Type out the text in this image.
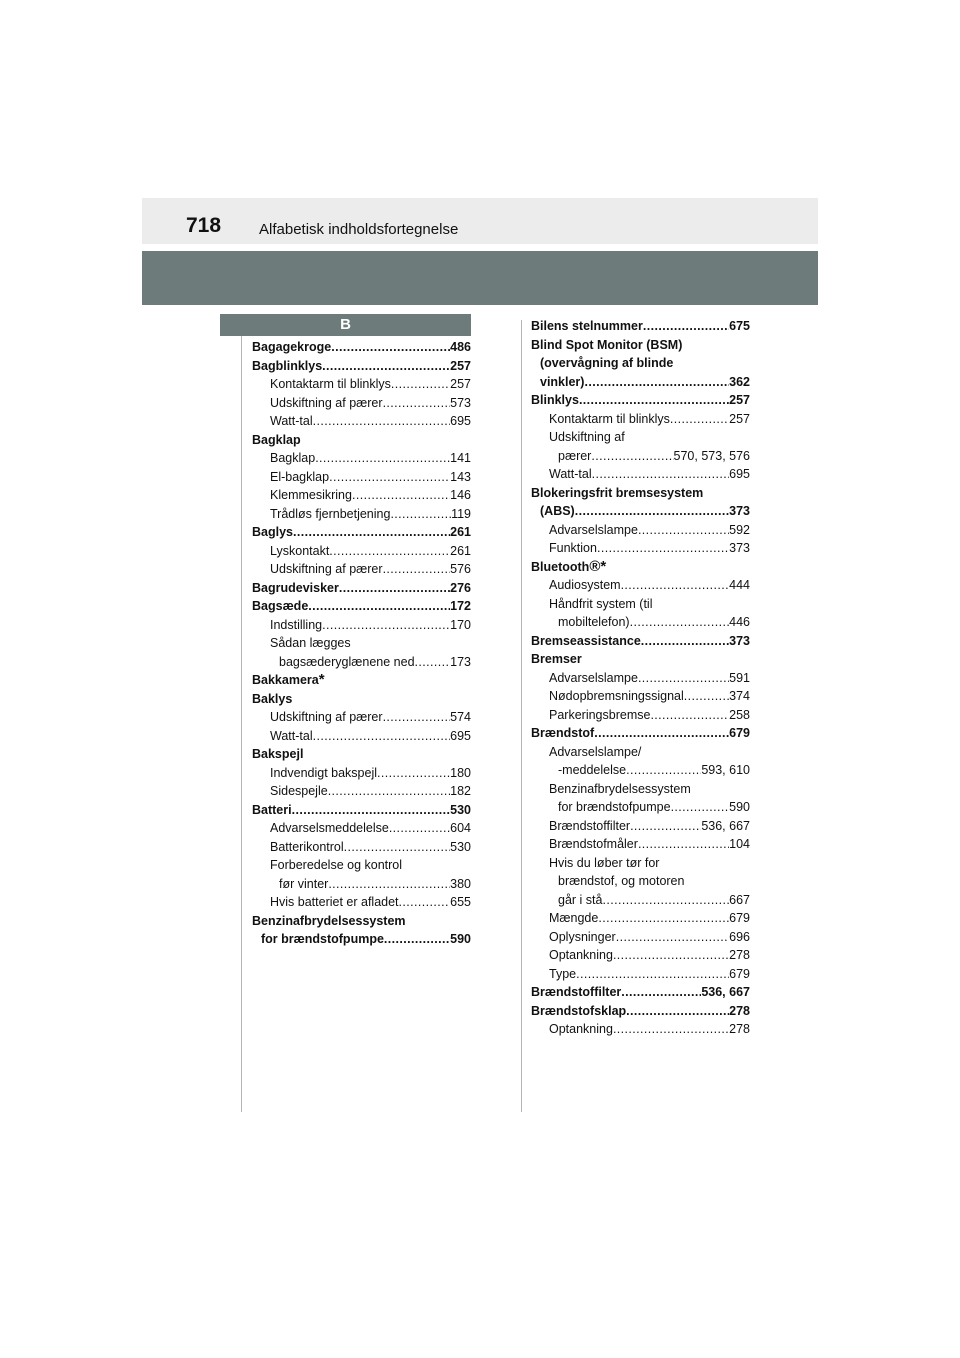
718	Alfabetisk indholdsfortegnelse
B
Bagagekroge .....	486
Bagblinklys .....	257
Kontaktarm til blinklys .....	257
Udskiftning af pærer .....	573
Watt-tal .....	695
Bagklap
Bagklap .....	141
El-bagklap .....	143
Klemmesikring .....	146
Trådløs fjernbetjening .....	119
Baglys .....	261
Lyskontakt .....	261
Udskiftning af pærer .....	576
Bagrudevisker .....	276
Bagsæde .....	172
Indstilling .....	170
Sådan lægges
bagsæderyglænene ned .....	173
Bakkamera *
Baklys
Udskiftning af pærer .....	574
Watt-tal .....	695
Bakspejl
Indvendigt bakspejl .....	180
Sidespejle .....	182
Batteri .....	530
Advarselsmeddelelse .....	604
Batterikontrol .....	530
Forberedelse og kontrol
før vinter .....	380
Hvis batteriet er afladet .....	655
Benzinafbrydelsessystem
for brændstofpumpe .....	590
Bilens stelnummer .....	675
Blind Spot Monitor (BSM)
(overvågning af blinde
vinkler) .....	362
Blinklys .....	257
Kontaktarm til blinklys .....	257
Udskiftning af
pærer .....	570, 573, 576
Watt-tal .....	695
Blokeringsfrit bremsesystem
(ABS) .....	373
Advarselslampe .....	592
Funktion .....	373
Bluetooth ®*
Audiosystem .....	444
Håndfrit system (til
mobiltelefon) .....	446
Bremseassistance .....	373
Bremser
Advarselslampe .....	591
Nødopbremsningssignal .....	374
Parkeringsbremse .....	258
Brændstof .....	679
Advarselslampe/
-meddelelse .....	593, 610
Benzinafbrydelsessystem
for brændstofpumpe .....	590
Brændstoffilter .....	536, 667
Brændstofmåler .....	104
Hvis du løber tør for
brændstof, og motoren
går i stå .....	667
Mængde .....	679
Oplysninger .....	696
Optankning .....	278
Type .....	679
Brændstoffilter .....	536, 667
Brændstofsklap .....	278
Optankning .....	278
